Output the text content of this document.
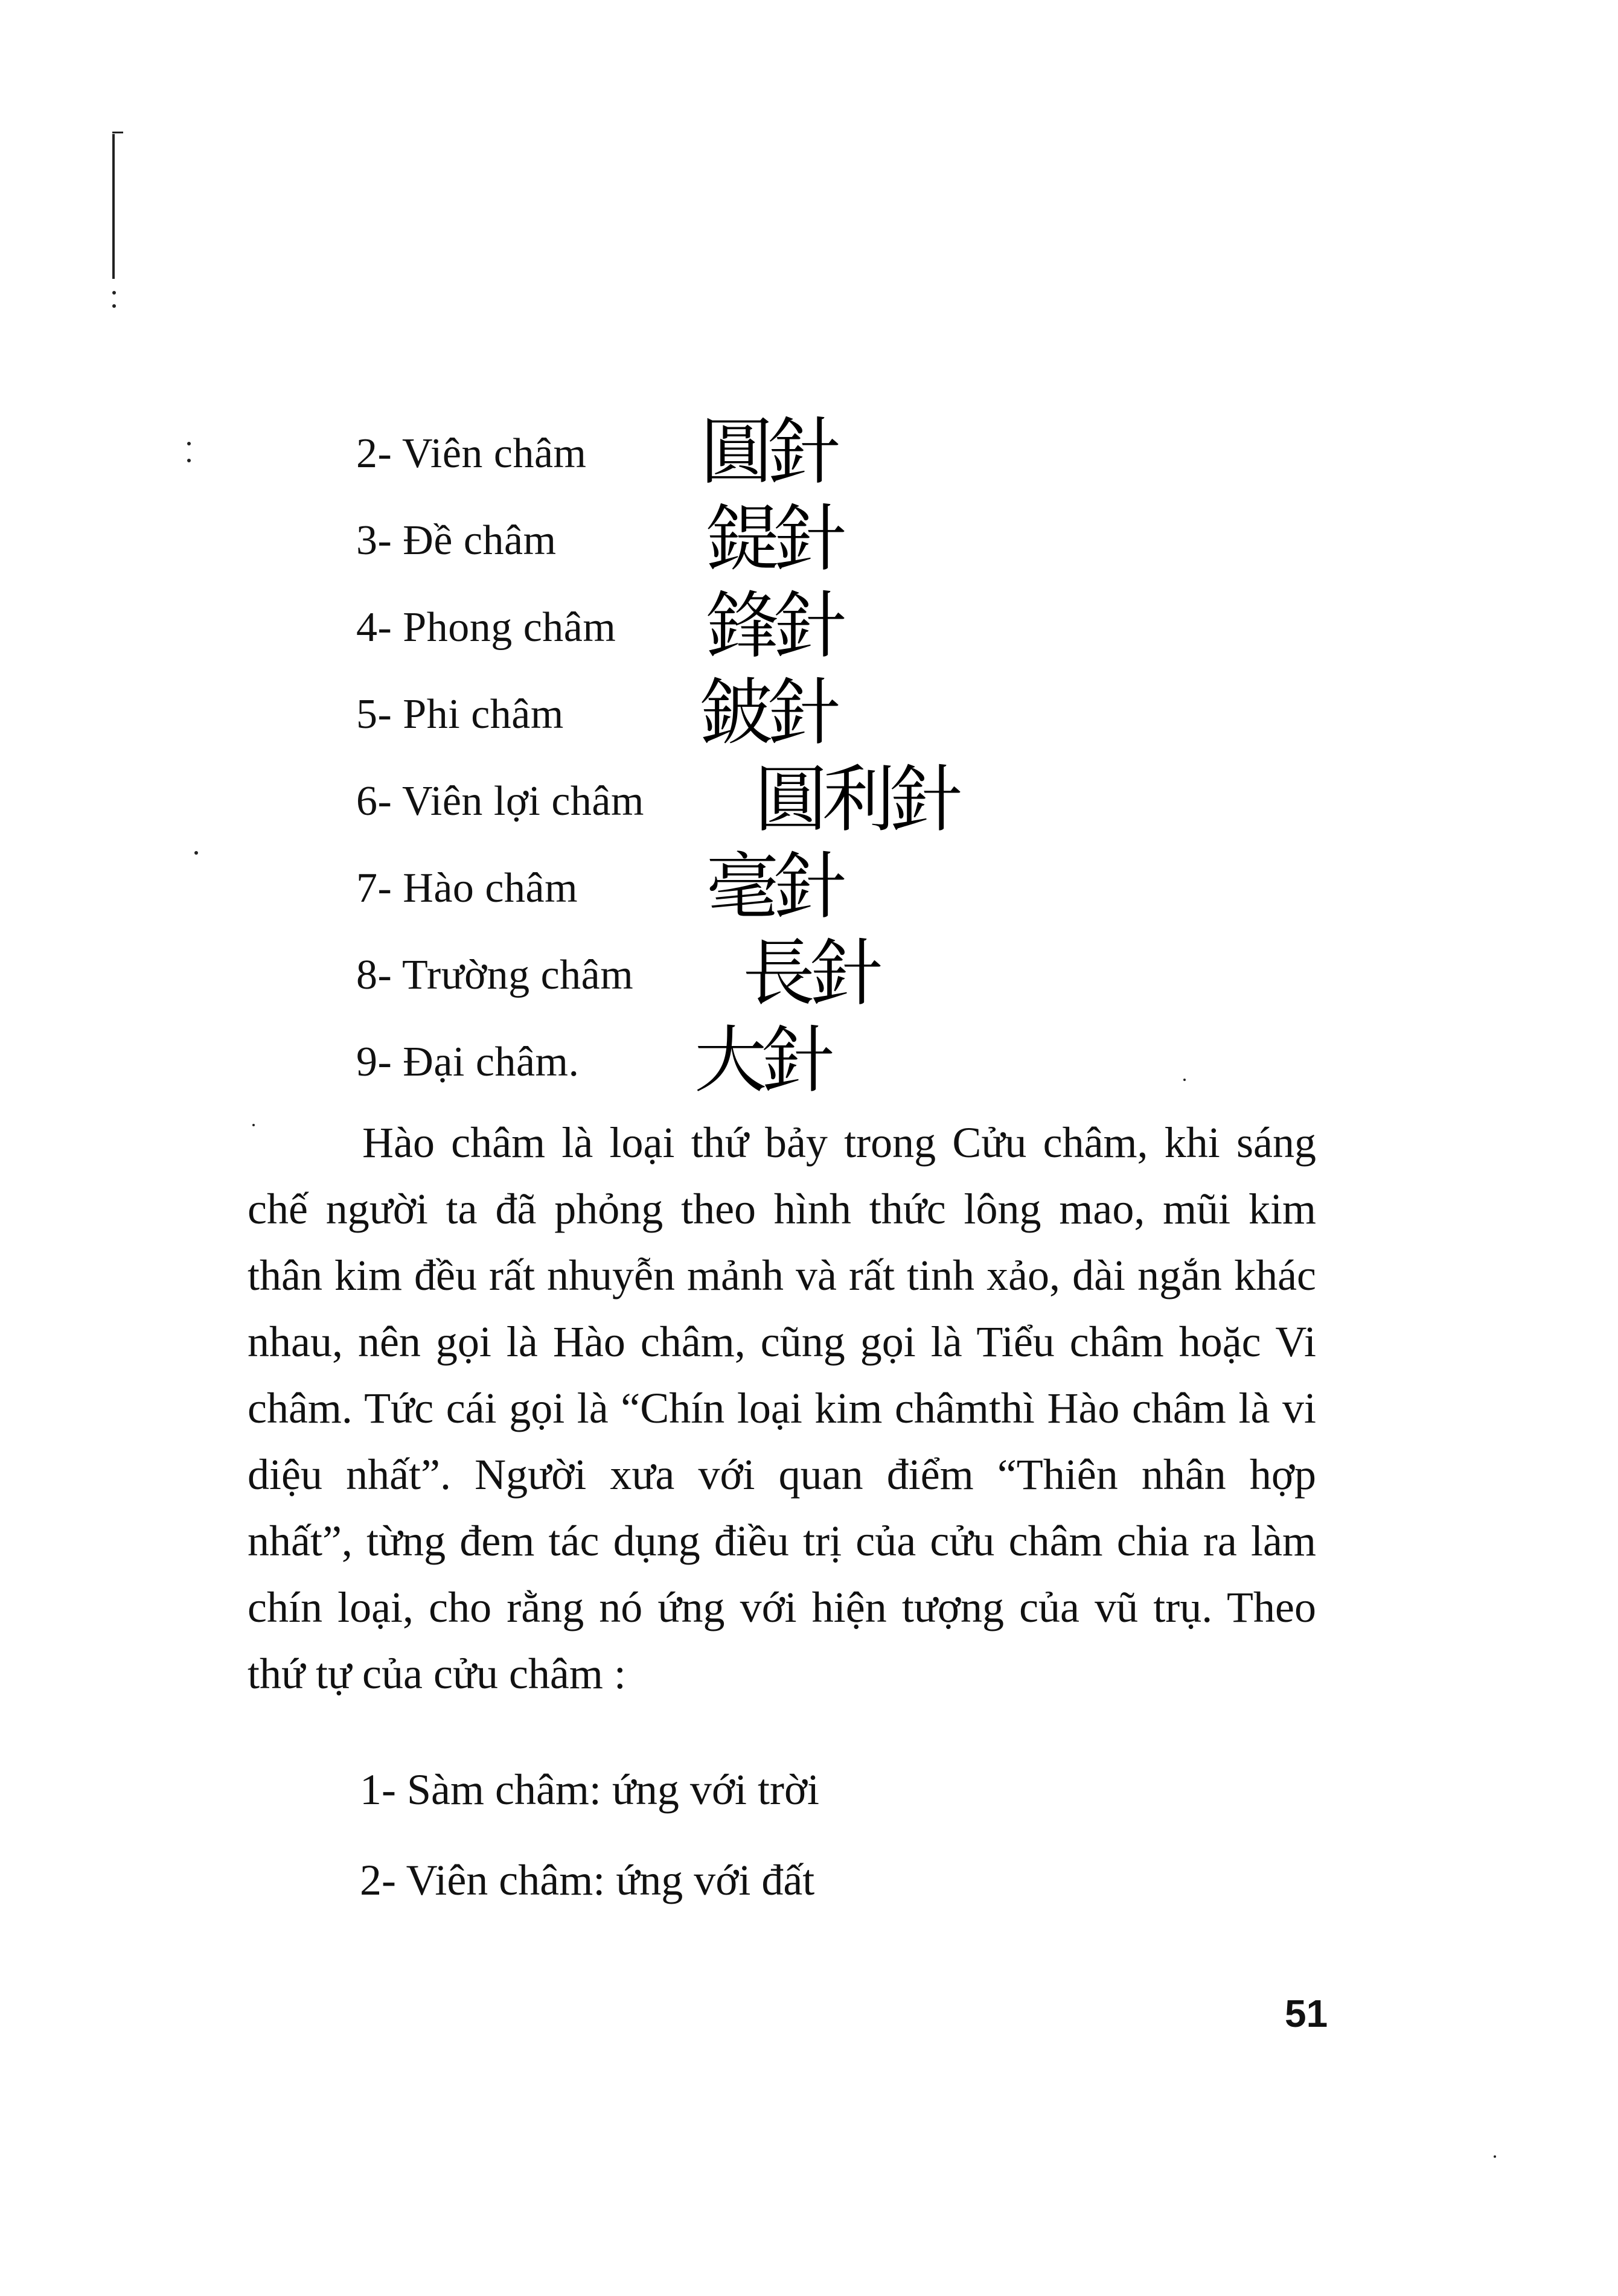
2- Viên châm 圓針
3- Đề châm 鍉針
4- Phong châm 鋒針
5- Phi châm 鈹針
6- Viên lợi châm 圓利針
7- Hào châm 毫針
8- Trường châm 長針
9- Đại châm. 大針

Hào châm là loại thứ bảy trong Cửu châm, khi sáng chế người ta đã phỏng theo hình thức lông mao, mũi kim thân kim đều rất nhuyễn mảnh và rất tinh xảo, dài ngắn khác nhau, nên gọi là Hào châm, cũng gọi là Tiểu châm hoặc Vi châm. Tức cái gọi là “Chín loại kim châmthì Hào châm là vi diệu nhất”. Người xưa với quan điểm “Thiên nhân hợp nhất”, từng đem tác dụng điều trị của cửu châm chia ra làm chín loại, cho rằng nó ứng với hiện tượng của vũ trụ. Theo thứ tự của cửu châm :

1- Sàm châm: ứng với trời
2- Viên châm: ứng với đất
51
